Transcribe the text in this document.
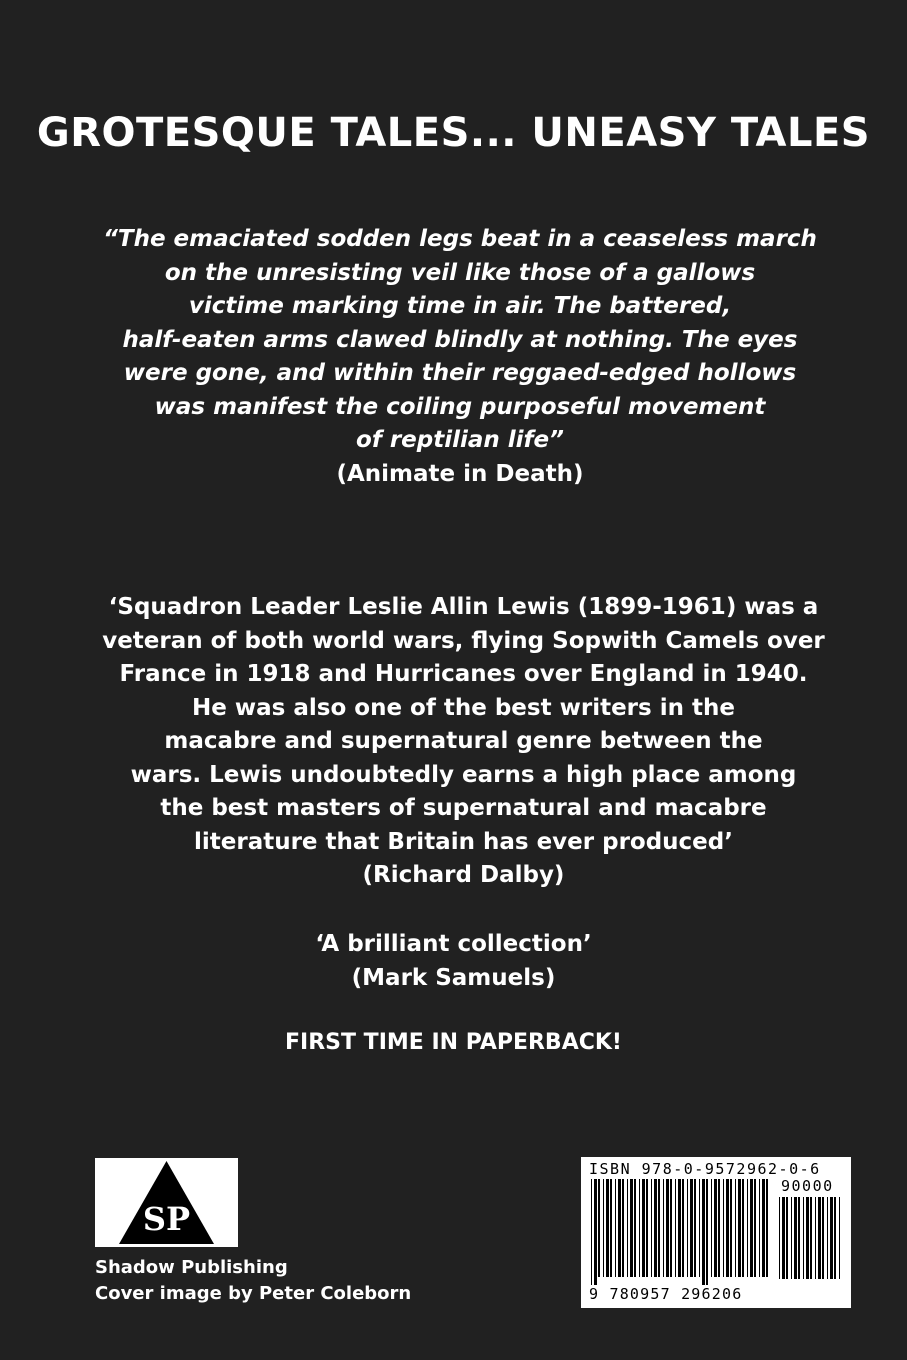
GROTESQUE TALES... UNEASY TALES
“The emaciated sodden legs beat in a ceaseless march
on the unresisting veil like those of a gallows
victime marking time in air. The battered,
half-eaten arms clawed blindly at nothing. The eyes
were gone, and within their reggaed-edged hollows
was manifest the coiling purposeful movement
of reptilian life”
(Animate in Death)
‘Squadron Leader Leslie Allin Lewis (1899-1961) was a
veteran of both world wars, flying Sopwith Camels over
France in 1918 and Hurricanes over England in 1940.
He was also one of the best writers in the
macabre and supernatural genre between the
wars. Lewis undoubtedly earns a high place among
the best masters of supernatural and macabre
literature that Britain has ever produced’
(Richard Dalby)
‘A brilliant collection’
(Mark Samuels)
FIRST TIME IN PAPERBACK!
SP
Shadow Publishing
Cover image by Peter Coleborn
ISBN 978-0-9572962-0-6
90000
9 780957 296206
